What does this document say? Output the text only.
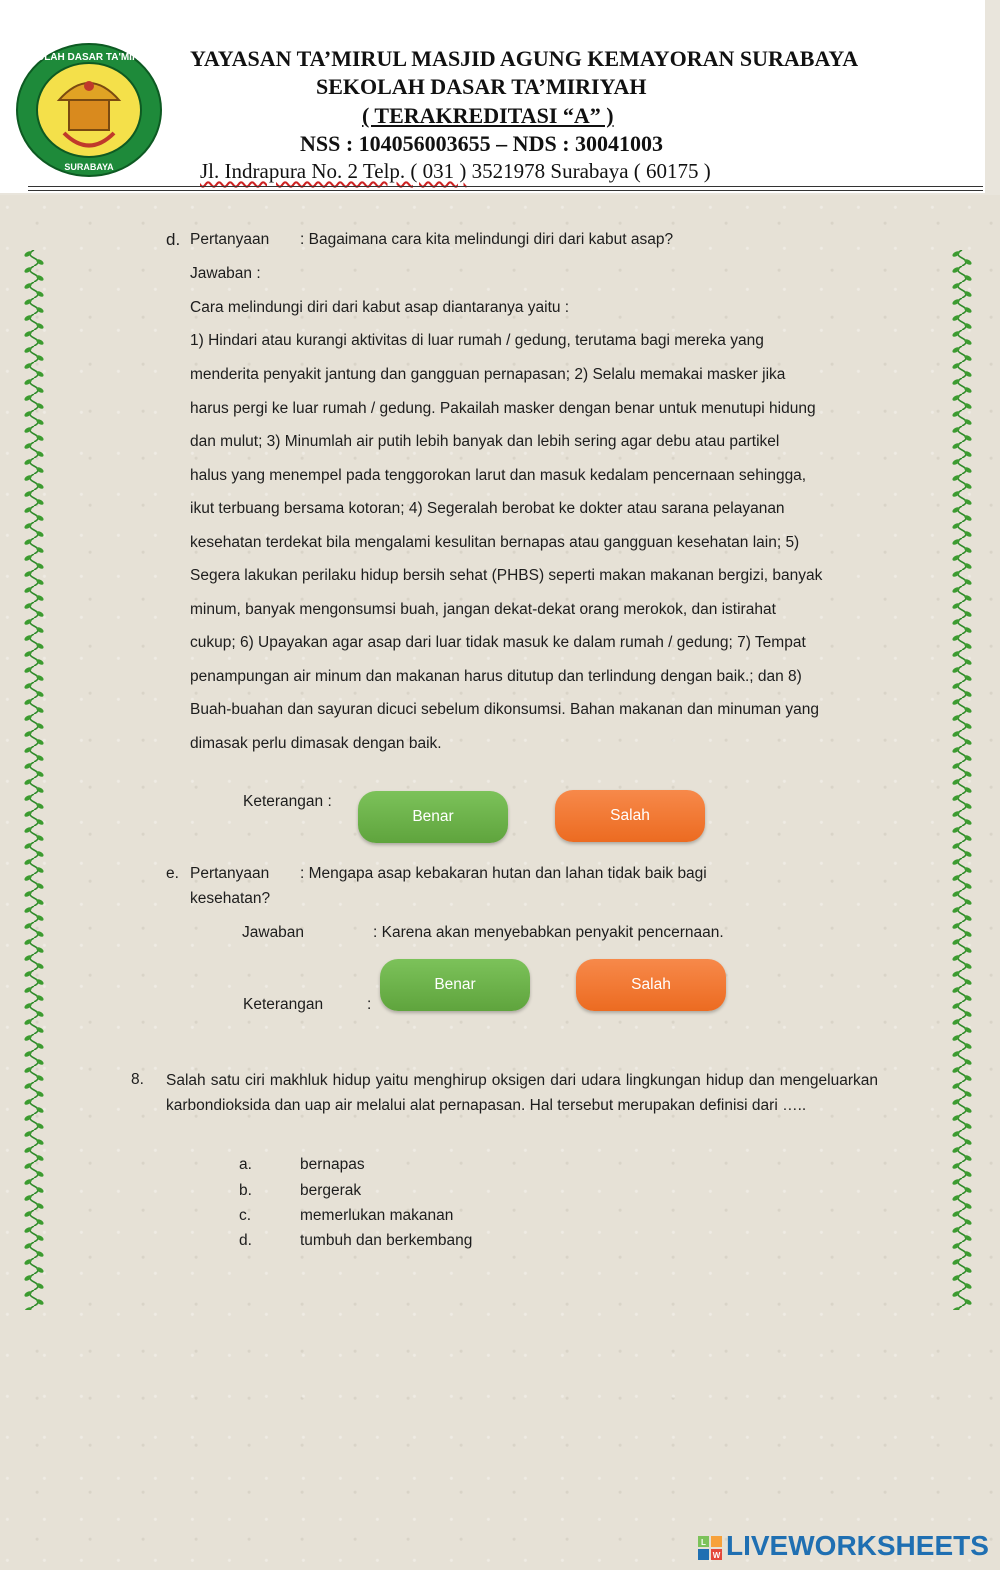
SEKOLAH DASAR TA'MIRIYAH
SURABAYA
YAYASAN TA’MIRUL MASJID AGUNG KEMAYORAN SURABAYA
SEKOLAH DASAR TA’MIRIYAH
( TERAKREDITASI “A” )
NSS : 104056003655 – NDS : 30041003
Jl. Indrapura No. 2 Telp. ( 031 ) 3521978 Surabaya ( 60175 )
d. Pertanyaan : Bagaimana cara kita melindungi diri dari kabut asap?
Jawaban :
Cara melindungi diri dari kabut asap diantaranya yaitu :
1) Hindari atau kurangi aktivitas di luar rumah / gedung, terutama bagi mereka yang
menderita penyakit jantung dan gangguan pernapasan; 2) Selalu memakai masker jika
harus pergi ke luar rumah / gedung. Pakailah masker dengan benar untuk menutupi hidung
dan mulut; 3) Minumlah air putih lebih banyak dan lebih sering agar debu atau partikel
halus yang menempel pada tenggorokan larut dan masuk kedalam pencernaan sehingga,
ikut terbuang bersama kotoran; 4) Segeralah berobat ke dokter atau sarana pelayanan
kesehatan terdekat bila mengalami kesulitan bernapas atau gangguan kesehatan lain; 5)
Segera lakukan perilaku hidup bersih sehat (PHBS) seperti makan makanan bergizi, banyak
minum, banyak mengonsumsi buah, jangan dekat-dekat orang merokok, dan istirahat
cukup; 6) Upayakan agar asap dari luar tidak masuk ke dalam rumah / gedung; 7) Tempat
penampungan air minum dan makanan harus ditutup dan terlindung dengan baik.; dan 8)
Buah-buahan dan sayuran dicuci sebelum dikonsumsi. Bahan makanan dan minuman yang
dimasak perlu dimasak dengan baik.
Keterangan :
Benar	Salah
e. Pertanyaan : Mengapa asap kebakaran hutan dan lahan tidak baik bagi
kesehatan?
Jawaban	: Karena akan menyebabkan penyakit pencernaan.
Benar	Salah
Keterangan	:
8. Salah satu ciri makhluk hidup yaitu menghirup oksigen dari udara lingkungan hidup dan mengeluarkan karbondioksida dan uap air melalui alat pernapasan. Hal tersebut merupakan definisi dari …..
a.	bernapas
b.	bergerak
c.	memerlukan makanan
d.	tumbuh dan berkembang
L
W LIVEWORKSHEETS
